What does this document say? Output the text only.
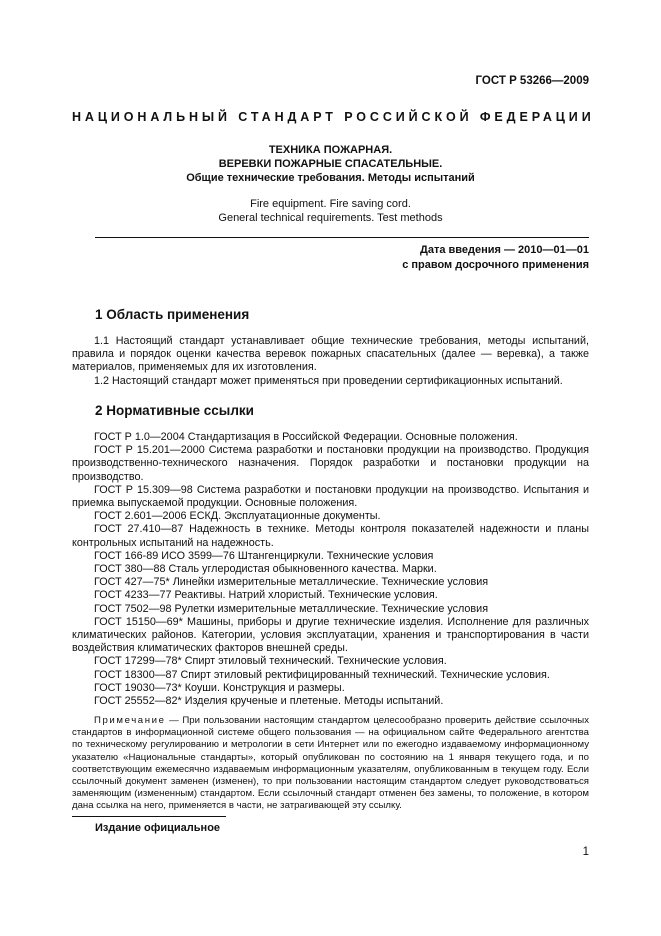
ГОСТ Р 53266—2009
НАЦИОНАЛЬНЫЙ СТАНДАРТ РОССИЙСКОЙ ФЕДЕРАЦИИ
ТЕХНИКА ПОЖАРНАЯ.
ВЕРЕВКИ ПОЖАРНЫЕ СПАСАТЕЛЬНЫЕ.
Общие технические требования. Методы испытаний
Fire equipment. Fire saving cord.
General technical requirements. Test methods
Дата введения — 2010—01—01
с правом досрочного применения
1 Область применения

1.1 Настоящий стандарт устанавливает общие технические требования, методы испытаний, правила и порядок оценки качества веревок пожарных спасательных (далее — веревка), а также материалов, применяемых для их изготовления.

1.2 Настоящий стандарт может применяться при проведении сертификационных испытаний.

2 Нормативные ссылки

ГОСТ Р 1.0—2004 Стандартизация в Российской Федерации. Основные положения.

ГОСТ Р 15.201—2000 Система разработки и постановки продукции на производство. Продукция производственно-технического назначения. Порядок разработки и постановки продукции на производство.

ГОСТ Р 15.309—98 Система разработки и постановки продукции на производство. Испытания и приемка выпускаемой продукции. Основные положения.

ГОСТ 2.601—2006 ЕСКД. Эксплуатационные документы.

ГОСТ 27.410—87 Надежность в технике. Методы контроля показателей надежности и планы контрольных испытаний на надежность.

ГОСТ 166-89 ИСО 3599—76 Штангенциркули. Технические условия

ГОСТ 380—88 Сталь углеродистая обыкновенного качества. Марки.

ГОСТ 427—75* Линейки измерительные металлические. Технические условия

ГОСТ 4233—77 Реактивы. Натрий хлористый. Технические условия.

ГОСТ 7502—98 Рулетки измерительные металлические. Технические условия

ГОСТ 15150—69* Машины, приборы и другие технические изделия. Исполнение для различных климатических районов. Категории, условия эксплуатации, хранения и транспортирования в части воздействия климатических факторов внешней среды.

ГОСТ 17299—78* Спирт этиловый технический. Технические условия.

ГОСТ 18300—87 Спирт этиловый ректифицированный технический. Технические условия.

ГОСТ 19030—73* Коуши. Конструкция и размеры.

ГОСТ 25552—82* Изделия крученые и плетеные. Методы испытаний.

Примечание — При пользовании настоящим стандартом целесообразно проверить действие ссылочных стандартов в информационной системе общего пользования — на официальном сайте Федерального агентства по техническому регулированию и метрологии в сети Интернет или по ежегодно издаваемому информационному указателю «Национальные стандарты», который опубликован по состоянию на 1 января текущего года, и по соответствующим ежемесячно издаваемым информационным указателям, опубликованным в текущем году. Если ссылочный документ заменен (изменен), то при пользовании настоящим стандартом следует руководствоваться заменяющим (измененным) стандартом. Если ссылочный стандарт отменен без замены, то положение, в котором дана ссылка на него, применяется в части, не затрагивающей эту ссылку.
Издание официальное
1
